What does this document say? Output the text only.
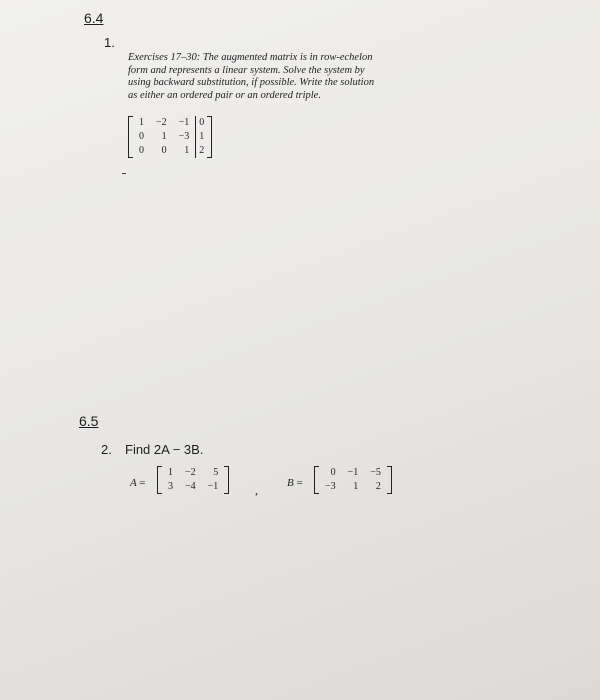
6.4
1.
Exercises 17–30: The augmented matrix is in row-echelon
form and represents a linear system. Solve the system by
using backward substitution, if possible. Write the solution
as either an ordered pair or an ordered triple.
1	−2	−1	0
0	1	−3	1
0	0	1	2
6.5
2. Find 2A − 3B.
A =
1	−2	5
3	−4	−1	,	B =
0	−1	−5
−3	1	2
